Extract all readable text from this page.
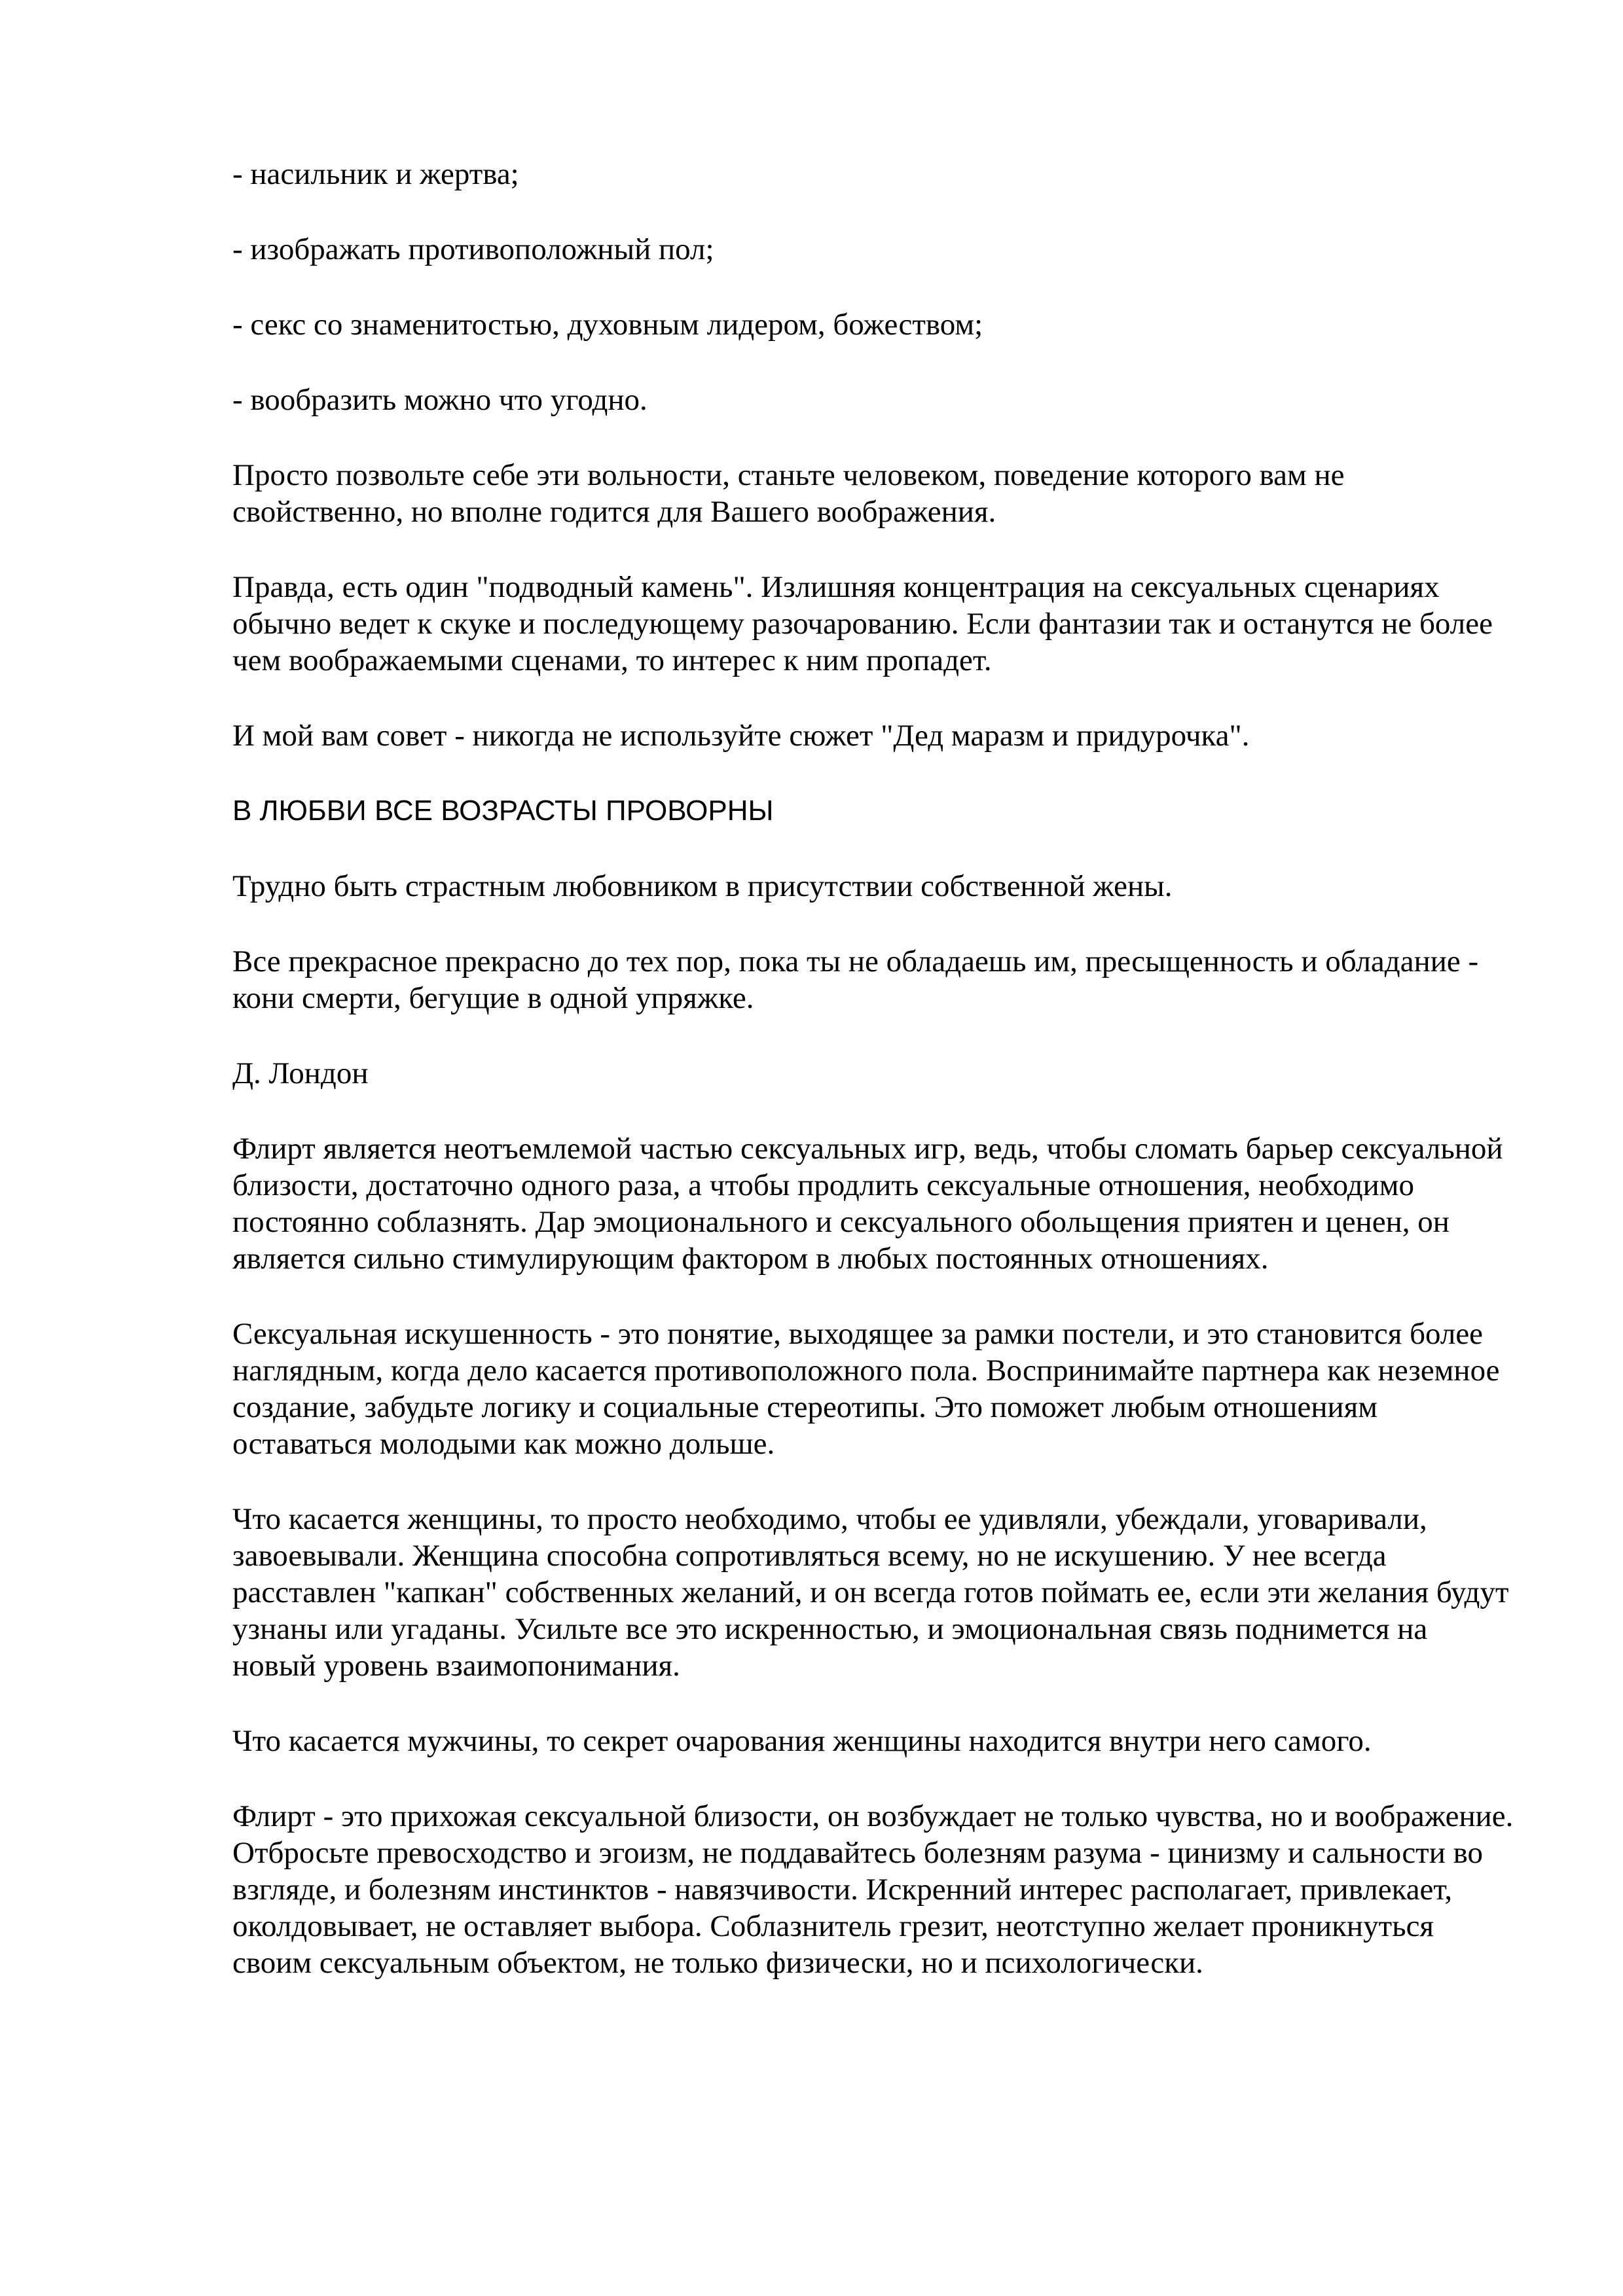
- насильник и жертва;

- изображать противоположный пол;

- секс со знаменитостью, духовным лидером, божеством;

- вообразить можно что угодно.

Просто позвольте себе эти вольности, станьте человеком, поведение которого вам не свойственно, но вполне годится для Вашего воображения.

Правда, есть один "подводный камень". Излишняя концентрация на сексуальных сценариях обычно ведет к скуке и последующему разочарованию. Если фантазии так и останутся не более чем воображаемыми сценами, то интерес к ним пропадет.

И мой вам совет - никогда не используйте сюжет "Дед маразм и придурочка".

В ЛЮБВИ ВСЕ ВОЗРАСТЫ ПРОВОРНЫ

Трудно быть страстным любовником в присутствии собственной жены.

Все прекрасное прекрасно до тех пор, пока ты не обладаешь им, пресыщенность и обладание - кони смерти, бегущие в одной упряжке.

Д. Лондон

Флирт является неотъемлемой частью сексуальных игр, ведь, чтобы сломать барьер сексуальной близости, достаточно одного раза, а чтобы продлить сексуальные отношения, необходимо постоянно соблазнять. Дар эмоционального и сексуального обольщения приятен и ценен, он является сильно стимулирующим фактором в любых постоянных отношениях.

Сексуальная искушенность - это понятие, выходящее за рамки постели, и это становится более наглядным, когда дело касается противоположного пола. Воспринимайте партнера как неземное создание, забудьте логику и социальные стереотипы. Это поможет любым отношениям оставаться молодыми как можно дольше.

Что касается женщины, то просто необходимо, чтобы ее удивляли, убеждали, уговаривали, завоевывали. Женщина способна сопротивляться всему, но не искушению. У нее всегда расставлен "капкан" собственных желаний, и он всегда готов поймать ее, если эти желания будут узнаны или угаданы. Усильте все это искренностью, и эмоциональная связь поднимется на новый уровень взаимопонимания.

Что касается мужчины, то секрет очарования женщины находится внутри него самого.

Флирт - это прихожая сексуальной близости, он возбуждает не только чувства, но и воображение. Отбросьте превосходство и эгоизм, не поддавайтесь болезням разума - цинизму и сальности во взгляде, и болезням инстинктов - навязчивости. Искренний интерес располагает, привлекает, околдовывает, не оставляет выбора. Соблазнитель грезит, неотступно желает проникнуться своим сексуальным объектом, не только физически, но и психологически.
